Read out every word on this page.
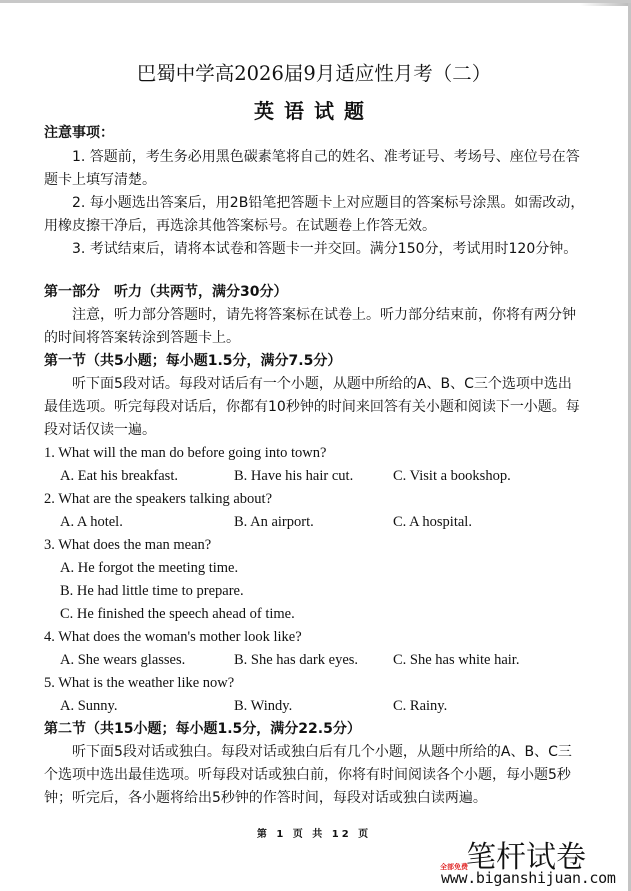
巴蜀中学高2026届9月适应性月考（二）
英语试题
注意事项：
1. 答题前，考生务必用黑色碳素笔将自己的姓名、准考证号、考场号、座位号在答
题卡上填写清楚。
2. 每小题选出答案后，用2B铅笔把答题卡上对应题目的答案标号涂黑。如需改动，
用橡皮擦干净后，再选涂其他答案标号。在试题卷上作答无效。
3. 考试结束后，请将本试卷和答题卡一并交回。满分150分，考试用时120分钟。
第一部分　听力（共两节，满分30分）
注意，听力部分答题时，请先将答案标在试卷上。听力部分结束前，你将有两分钟
的时间将答案转涂到答题卡上。
第一节（共5小题；每小题1.5分，满分7.5分）
听下面5段对话。每段对话后有一个小题，从题中所给的A、B、C三个选项中选出
最佳选项。听完每段对话后，你都有10秒钟的时间来回答有关小题和阅读下一小题。每
段对话仅读一遍。
1. What will the man do before going into town?
A. Eat his breakfast.	B. Have his hair cut.	C. Visit a bookshop.
2. What are the speakers talking about?
A. A hotel.	B. An airport.	C. A hospital.
3. What does the man mean?
A. He forgot the meeting time.
B. He had little time to prepare.
C. He finished the speech ahead of time.
4. What does the woman's mother look like?
A. She wears glasses.	B. She has dark eyes. C. She has white hair.
5. What is the weather like now?
A. Sunny.	B. Windy.	C. Rainy.
第二节（共15小题；每小题1.5分，满分22.5分）
听下面5段对话或独白。每段对话或独白后有几个小题，从题中所给的A、B、C三
个选项中选出最佳选项。听每段对话或独白前，你将有时间阅读各个小题，每小题5秒
钟；听完后，各小题将给出5秒钟的作答时间，每段对话或独白读两遍。
第 1 页 共 12 页
笔杆试卷
全部免费
www.biganshijuan.com
